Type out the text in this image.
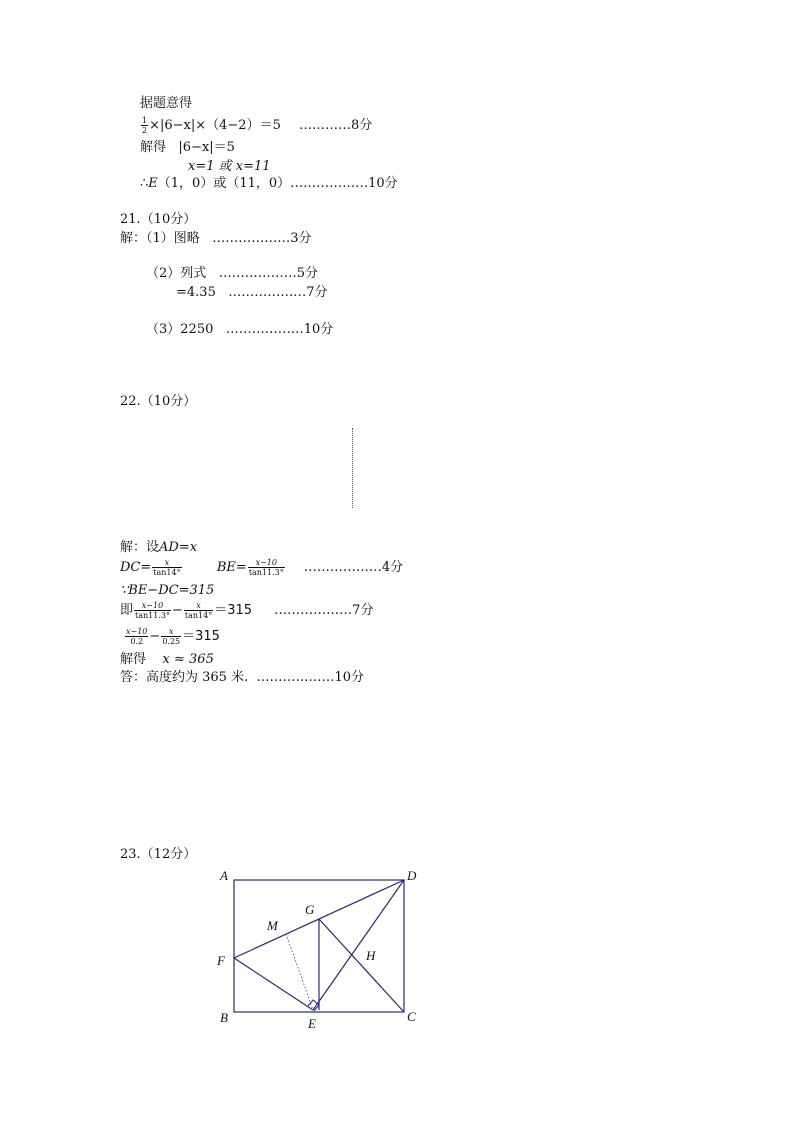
据题意得
$\frac{1}{2} \times|6-x|\times(4-2)=5$ …………8分
解得 |6−x|＝5
x=1 或 x=11
∴E（1，0）或（11，0）………………10分
21.（10分）
解：（1）图略 ………………3分
（2）列式 ………………5分
=4.35 ………………7分
（3）2250 ………………10分
22.（10分）
解：设AD=x
$DC= \frac{x}{\tan 14^\circ}$	$BE= \frac{x-10}{\tan 11.3^\circ}$ ………………4分
∵BE−DC=315
即 $\frac{x-10}{\tan 11.3^\circ} - \frac{x}{\tan 14^\circ} =315$ ………………7分
$\frac{x-10}{0.2} - \frac{x}{0.25} =315$
解得 x ≈ 365
答：高度约为 365 米. ………………10分
23.（12分）
A	D
G
M
F	H
B	E	C
